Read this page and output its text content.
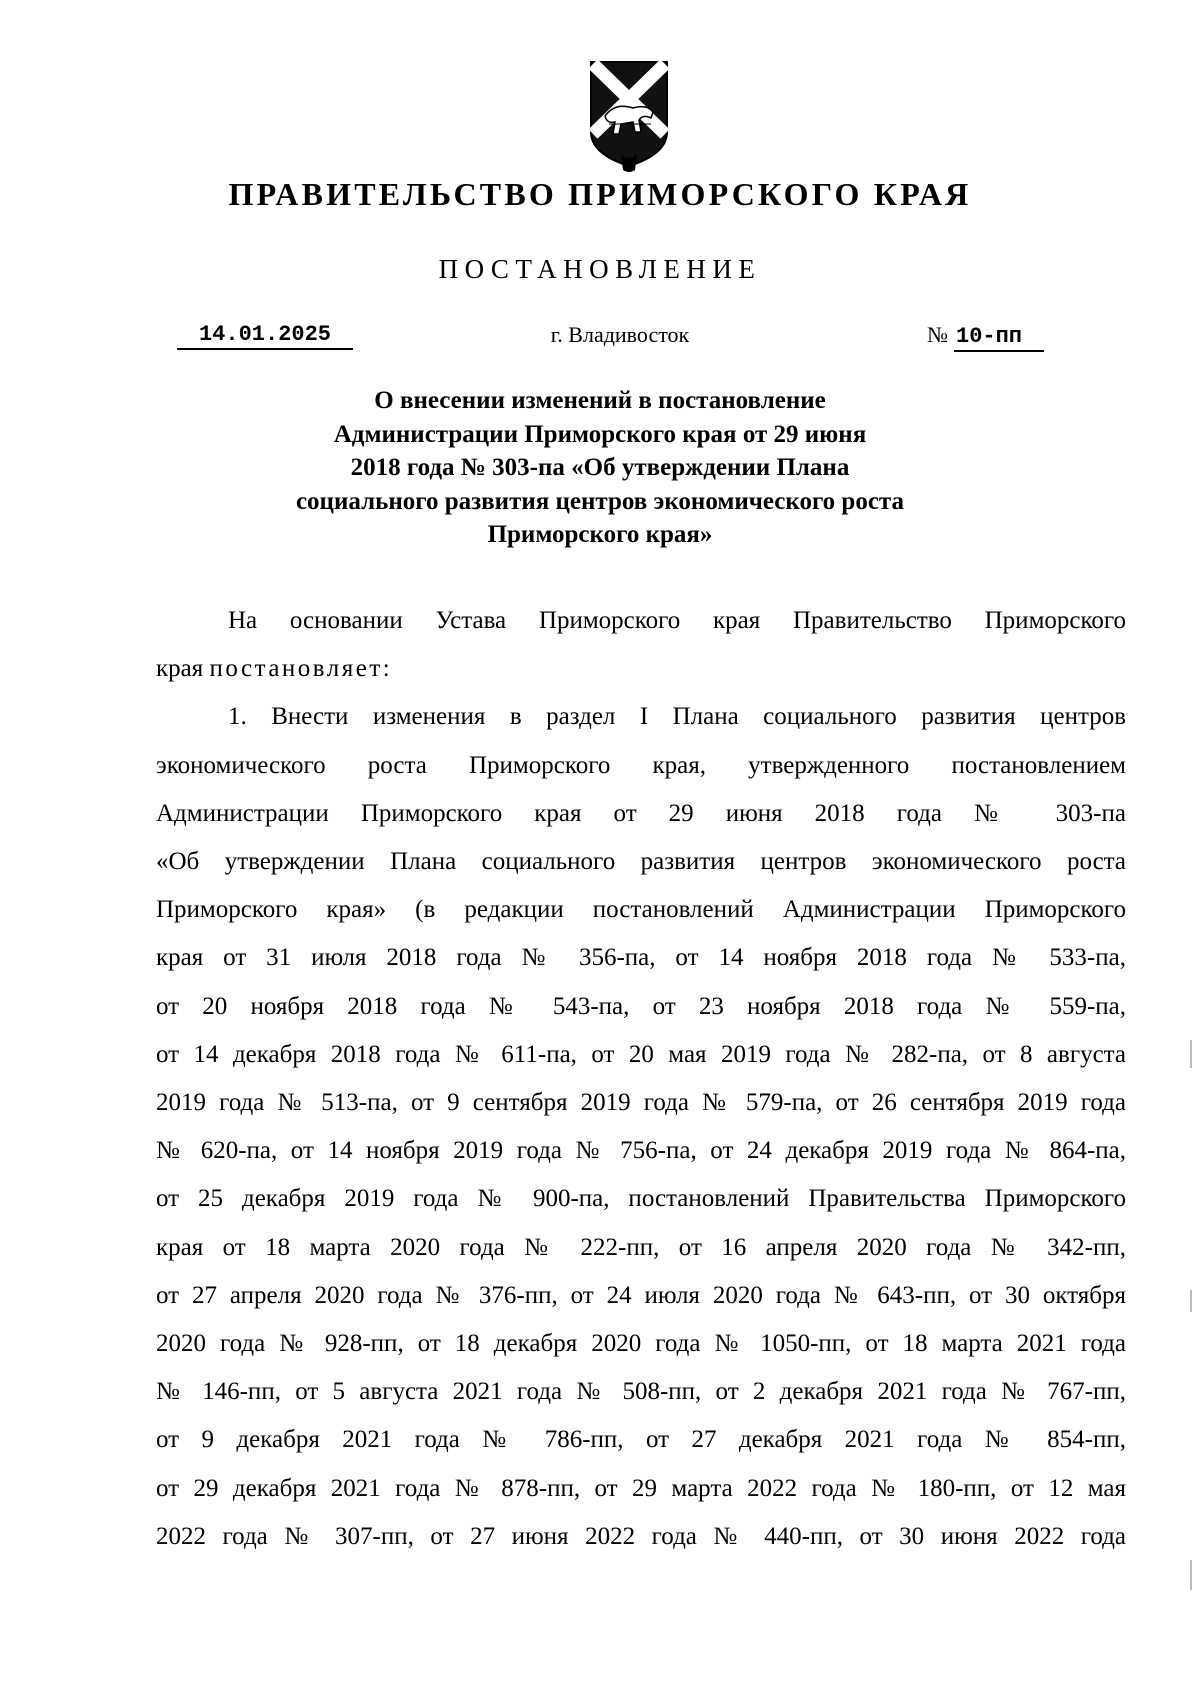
ПРАВИТЕЛЬСТВО ПРИМОРСКОГО КРАЯ
ПОСТАНОВЛЕНИЕ
14.01.2025	г. Владивосток	№ 10-пп
О внесении изменений в постановление
Администрации Приморского края от 29 июня
2018 года № 303-па «Об утверждении Плана
социального развития центров экономического роста
Приморского края»
На основании Устава Приморского края Правительство Приморского
края постановляет:
1. Внести изменения в раздел I Плана социального развития центров
экономического роста Приморского края, утвержденного постановлением
Администрации Приморского края от 29 июня 2018 года № 303-па
«Об утверждении Плана социального развития центров экономического роста
Приморского края» (в редакции постановлений Администрации Приморского
края от 31 июля 2018 года № 356-па, от 14 ноября 2018 года № 533-па,
от 20 ноября 2018 года № 543-па, от 23 ноября 2018 года № 559-па,
от 14 декабря 2018 года № 611-па, от 20 мая 2019 года № 282-па, от 8 августа
2019 года № 513-па, от 9 сентября 2019 года № 579-па, от 26 сентября 2019 года
№ 620-па, от 14 ноября 2019 года № 756-па, от 24 декабря 2019 года № 864-па,
от 25 декабря 2019 года № 900-па, постановлений Правительства Приморского
края от 18 марта 2020 года № 222-пп, от 16 апреля 2020 года № 342-пп,
от 27 апреля 2020 года № 376-пп, от 24 июля 2020 года № 643-пп, от 30 октября
2020 года № 928-пп, от 18 декабря 2020 года № 1050-пп, от 18 марта 2021 года
№ 146-пп, от 5 августа 2021 года № 508-пп, от 2 декабря 2021 года № 767-пп,
от 9 декабря 2021 года № 786-пп, от 27 декабря 2021 года № 854-пп,
от 29 декабря 2021 года № 878-пп, от 29 марта 2022 года № 180-пп, от 12 мая
2022 года № 307-пп, от 27 июня 2022 года № 440-пп, от 30 июня 2022 года
